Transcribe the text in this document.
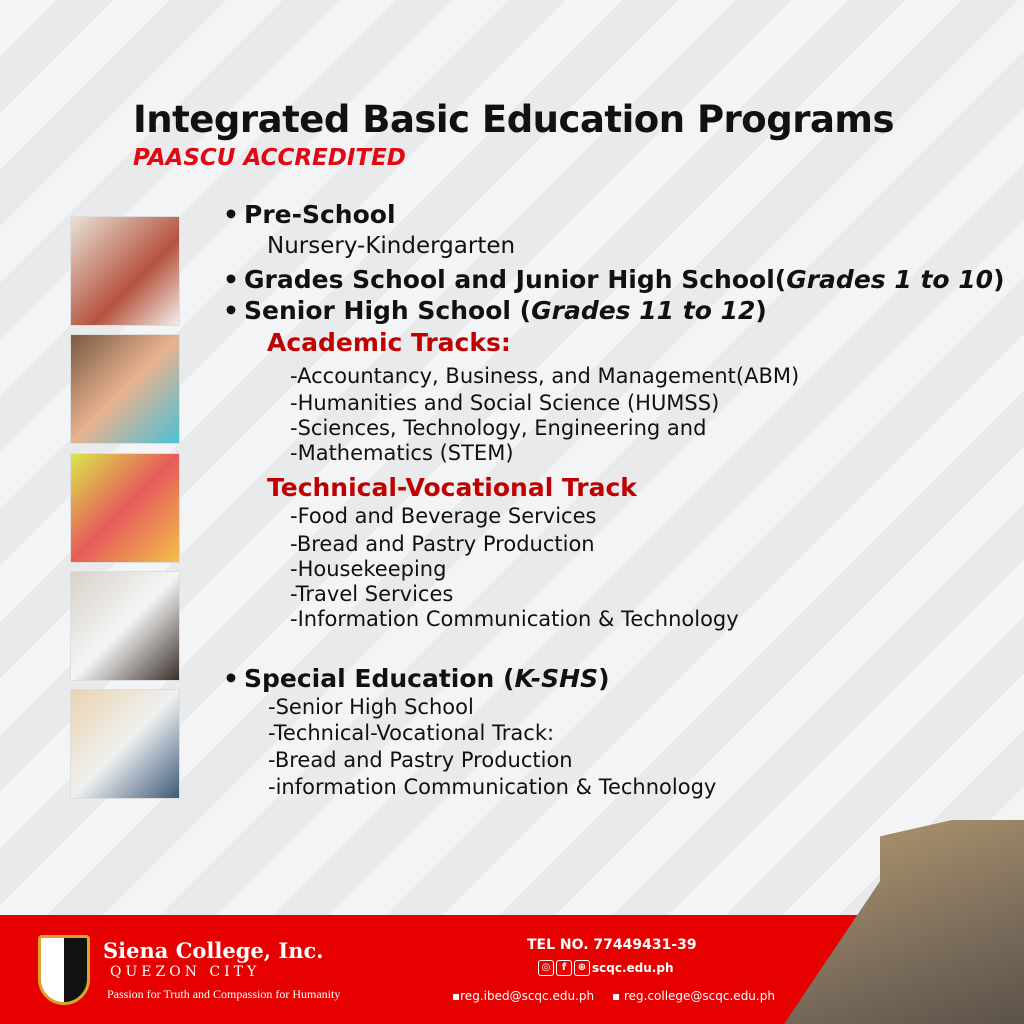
Integrated Basic Education Programs
PAASCU ACCREDITED
• Pre-School
Nursery-Kindergarten
• Grades School and Junior High School(Grades 1 to 10)
• Senior High School (Grades 11 to 12)
Academic Tracks:
-Accountancy, Business, and Management(ABM)
-Humanities and Social Science (HUMSS)
-Sciences, Technology, Engineering and
-Mathematics (STEM)
Technical-Vocational Track
-Food and Beverage Services
-Bread and Pastry Production
-Housekeeping
-Travel Services
-Information Communication & Technology
• Special Education (K-SHS)
-Senior High School
-Technical-Vocational Track:
-Bread and Pastry Production
-information Communication & Technology
Siena College, Inc.
QUEZON CITY
Passion for Truth and Compassion for Humanity
TEL NO. 77449431-39
◎	f	⊕ scqc.edu.ph
▪reg.ibed@scqc.edu.ph ▪ reg.college@scqc.edu.ph
